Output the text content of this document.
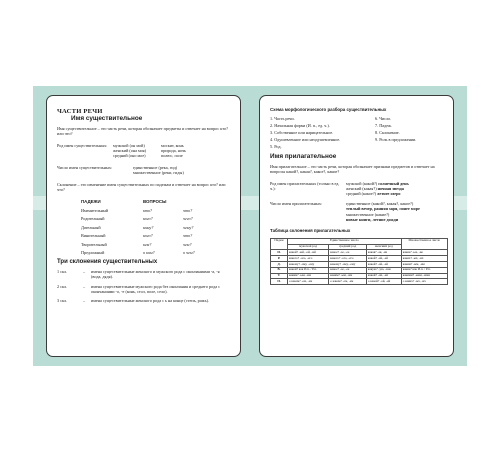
ЧАСТИ РЕЧИ
Имя существительное
Имя существительное – это часть речи, которая обозначает предметы и отвечает на вопрос кто? или что?
Род имен существительных:	мужской (он мой)	москит, конь
женский (она моя)	природа, ночь
средний (оно мое)	полюс, поле
Число имен существительных:	единственное (река, гид)
множественное (реки, гиды)
Склонение – это изменение имен существительных по падежам и отвечает на вопрос кто? или что?
ПАДЕЖИ	ВОПРОСЫ
Именительный	кто?	что?
Родительный	кого?	чего?
Дательный	кому?	чему?
Винительный	кого?	что?
Творительный	кем?	чем?
Предложный	о ком?	о чем?
Три склонения существительных
1 скл.	–	имена существительные женского и мужского рода с окончаниями -а, -я (вода, дядя).
2 скл.	–	имена существительные мужского рода без окончания и среднего рода с окончаниями -о, -е (конь, стол, поле, село).
3 скл.	–	имена существительные женского рода с ь на конце (степь, рожь).
Схема морфологического разбора существительных
1. Часть речи.
2. Начальная форма (И. п., ед. ч.).
3. Собственное или нарицательное.
4. Одушевленное или неодушевленное.
5. Род.
6. Число.
7. Падеж.
8. Склонение.
9. Роль в предложении.
Имя прилагательное
Имя прилагательное – это часть речи, которая обозначает признаки предметов и отвечает на вопросы какой?, какая?, какое?, какие?
Род имен прилагательных (только в ед. ч.):
мужской (какой?) солнечный день
женский (какая?) ночная звезда
средний (какое?) летнее озеро
Число имен прилагательных:	единственное (какой?, какая?, какое?)
теплый вечер, ранняя заря, синее море
множественное (какие?)
новые книги, летние дожди
Таблица склонения прилагательных
Падеж	Единственное число			Множественное число
	мужской род	средний род	женский род	
И.	какой? -ый, -ой, -ий	какое? -ое, -ее	какая? -ая, -яя	какие? -ые, -ие
Р.	какого? -ого, -его	какого? -ого, -его	какой? -ой, -ей	каких? -ых, -их
Д.	какому? -ому, -ему	какому? -ому, -ему	какой? -ой, -ей	каким? -ым, -им
В.	какой? как И.п. / Р.п.	какое? -ое, -ее	какую? -ую, -юю	какие? как И.п. / Р.п.
Т.	каким? -ым, -им	каким? -ым, -им	какой? -ой, -ей	какими? -ыми, -ими
П.	о каком? -ом, -ем	о каком? -ом, -ем	о какой? -ой, -ей	о каких? -ых, -их
